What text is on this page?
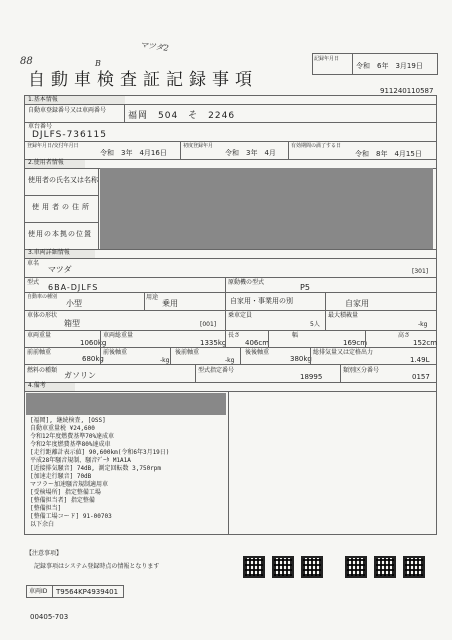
88	B
マツダ2
記録年月日
令和　6年　3月19日
自動車検査証記録事項
911240110587
1.基本情報
自動車登録番号又は車両番号
福岡　504　そ　2246
車台番号
DJLFS-736115
登録年月日/交付年月日
令和　3年　4月16日
初度登録年月
令和　3年　4月
有効期間の満了する日
令和　8年　4月15日
2.使用者情報
使用者の氏名又は名称
使用者の住所
使用の本拠の位置
3.車両詳細情報
車名
マツダ	[301]
型式
6BA-DJLFS
原動機の型式
P5
自動車の種別
小型
用途
乗用	自家用・事業用の別	自家用
車体の形状
箱型	[001]
乗車定員
5人
最大積載量
-kg
車両重量
1060kg
車両総重量
1335kg
長さ
406cm
幅
169cm
高さ
152cm
前前軸重
680kg
前後軸重
-kg
後前軸重
-kg
後後軸重
380kg
総排気量又は定格出力
1.49L
燃料の種類
ガソリン
型式指定番号
18995
類別区分番号
0157
4.備考
[福岡], 継続検査, [OSS]
自動車重量税 ¥24,600
令和12年度燃費基準70%達成車
令和2年度燃費基準80%達成車
[走行距離計表示値] 90,600km(令和6年3月19日)
平成28年騒音規制、騒音ﾃﾞｰﾀ M1A1A
[近接排気騒音] 74dB, 測定回転数 3,750rpm
[加速走行騒音] 70dB
マフラー加速騒音規制適用車
[受検場所] 指定整備工場
[整備担当者] 指定整備
[整備担当]
[整備工場コード] 91-00703
以下余白
【注意事項】
記録事項はシステム登録時点の情報となります
車両ID T9564KP4939401
00405-703
